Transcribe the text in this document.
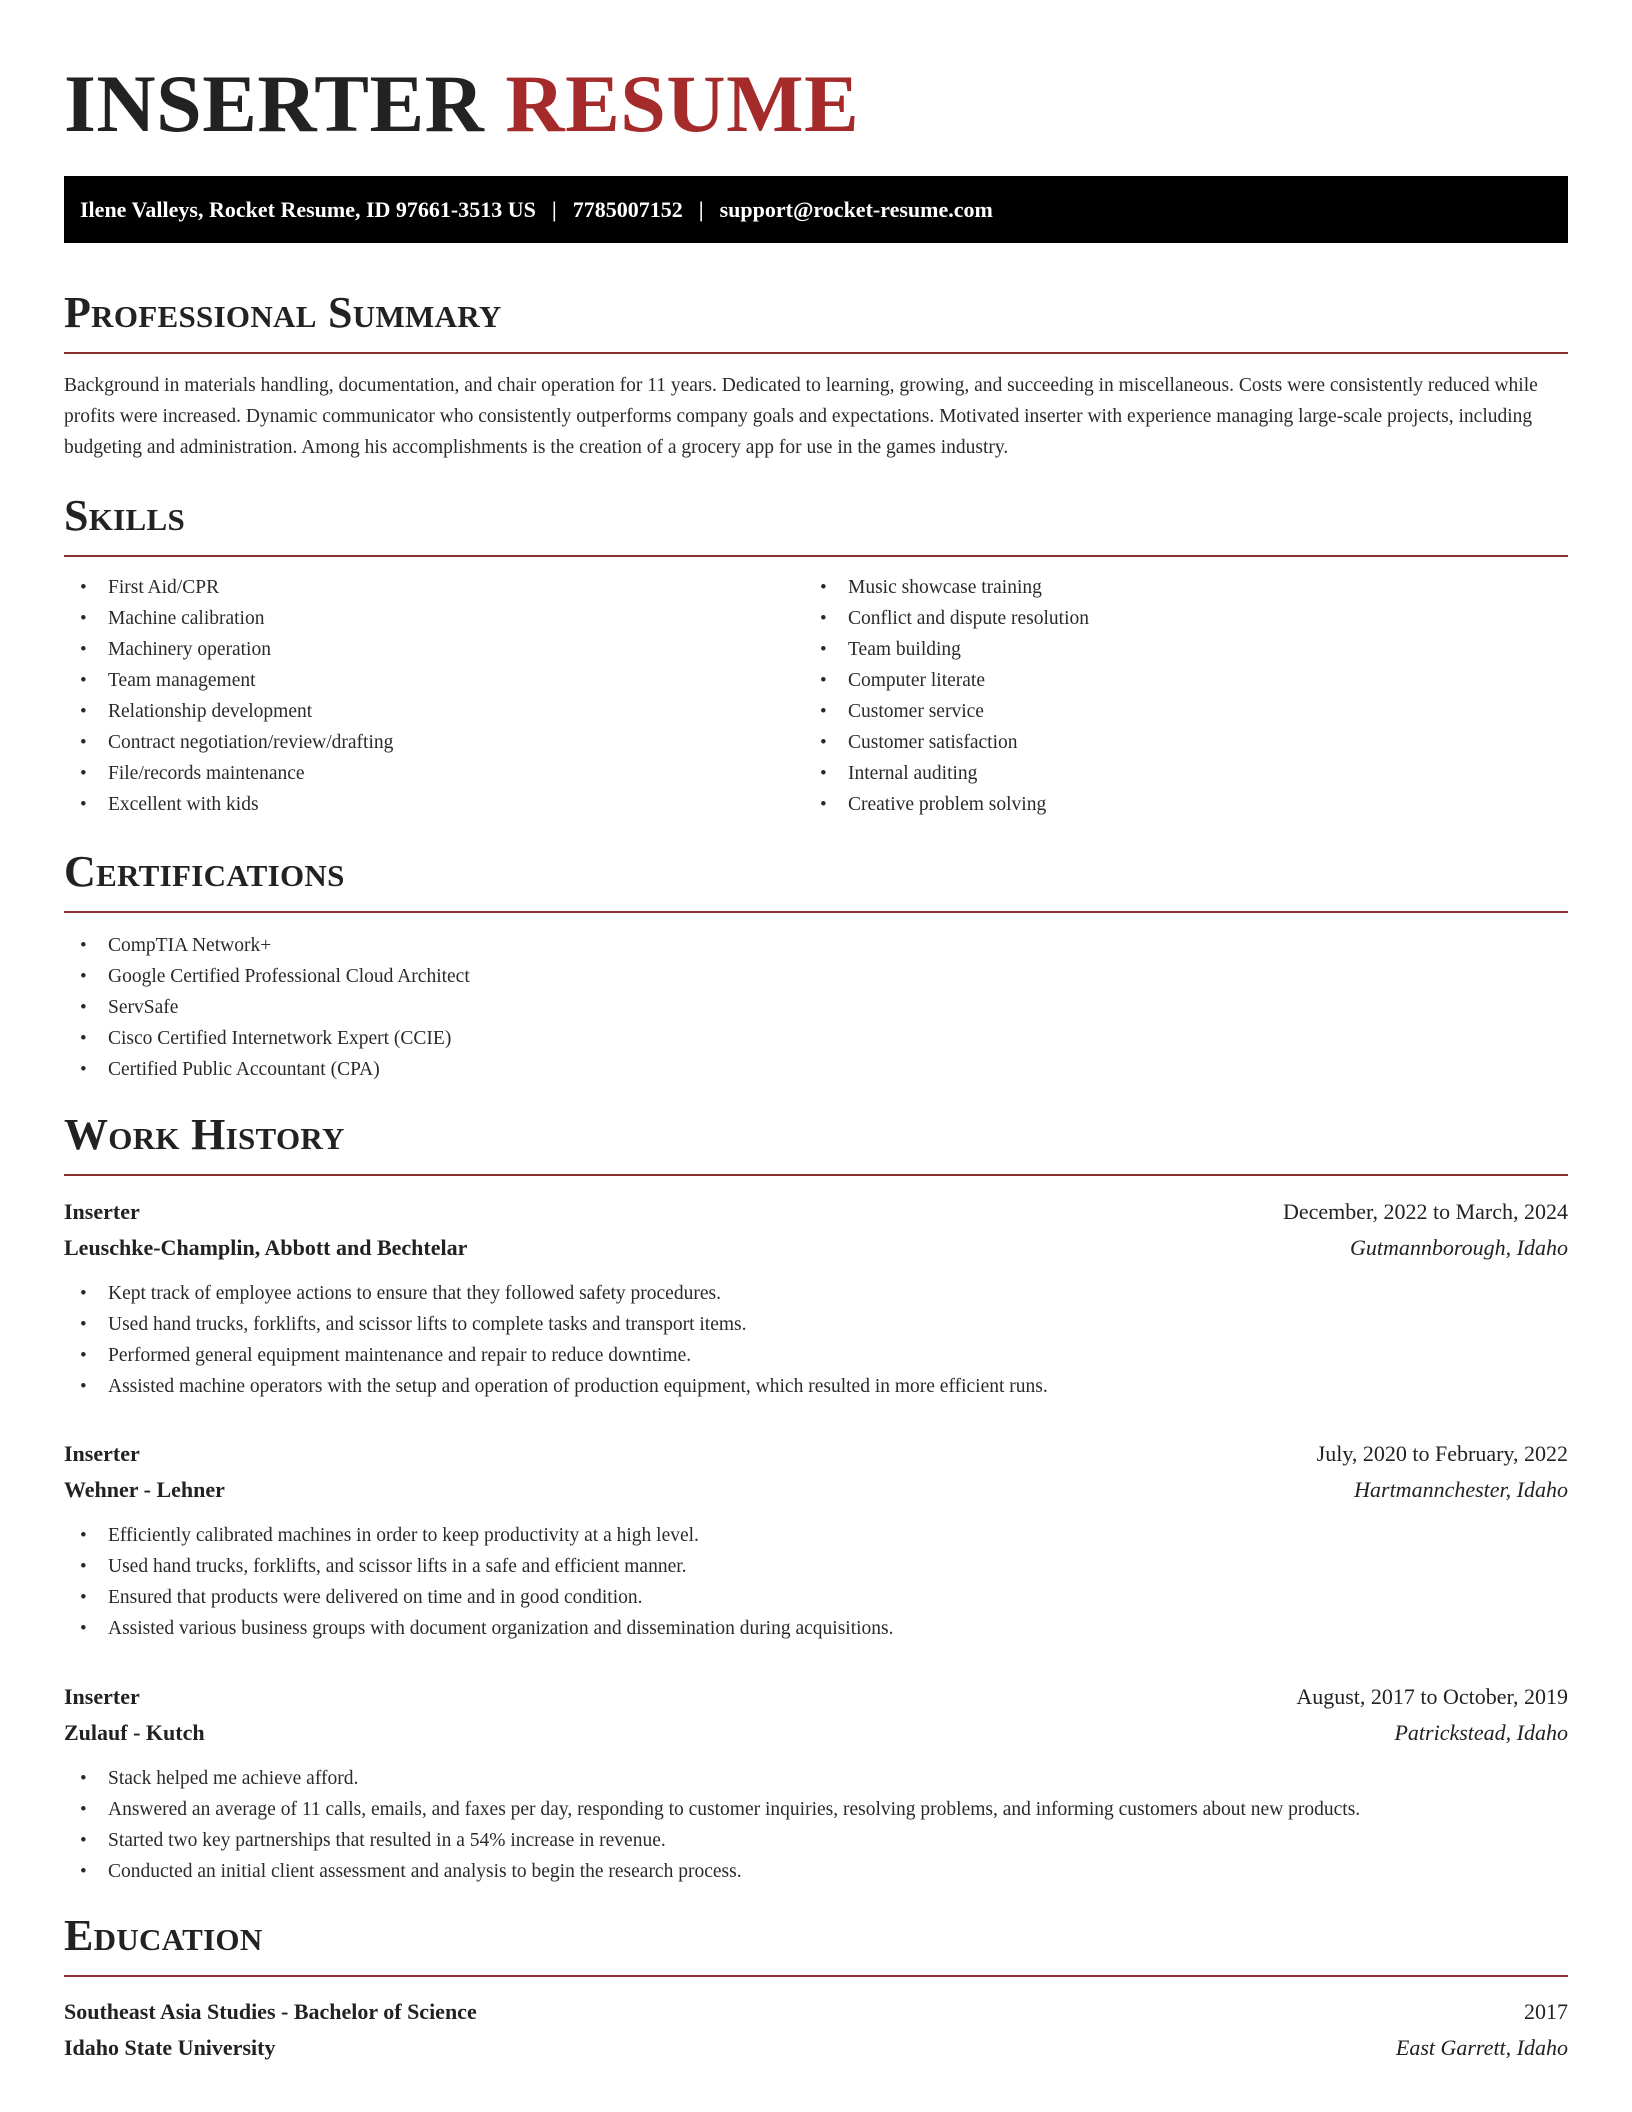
INSERTER RESUME
Ilene Valleys, Rocket Resume, ID 97661-3513 US | 7785007152 | support@rocket-resume.com
Professional Summary

Background in materials handling, documentation, and chair operation for 11 years. Dedicated to learning, growing, and succeeding in miscellaneous. Costs were consistently reduced while profits were increased. Dynamic communicator who consistently outperforms company goals and expectations. Motivated inserter with experience managing large-scale projects, including budgeting and administration. Among his accomplishments is the creation of a grocery app for use in the games industry.

Skills
• First Aid/CPR
• Machine calibration
• Machinery operation
• Team management
• Relationship development
• Contract negotiation/review/drafting
• File/records maintenance
• Excellent with kids
• Music showcase training
• Conflict and dispute resolution
• Team building
• Computer literate
• Customer service
• Customer satisfaction
• Internal auditing
• Creative problem solving
Certifications
• CompTIA Network+
• Google Certified Professional Cloud Architect
• ServSafe
• Cisco Certified Internetwork Expert (CCIE)
• Certified Public Accountant (CPA)
Work History
Inserter	December, 2022 to March, 2024
Leuschke-Champlin, Abbott and Bechtelar	Gutmannborough, Idaho
• Kept track of employee actions to ensure that they followed safety procedures.
• Used hand trucks, forklifts, and scissor lifts to complete tasks and transport items.
• Performed general equipment maintenance and repair to reduce downtime.
• Assisted machine operators with the setup and operation of production equipment, which resulted in more efficient runs.
Inserter	July, 2020 to February, 2022
Wehner - Lehner	Hartmannchester, Idaho
• Efficiently calibrated machines in order to keep productivity at a high level.
• Used hand trucks, forklifts, and scissor lifts in a safe and efficient manner.
• Ensured that products were delivered on time and in good condition.
• Assisted various business groups with document organization and dissemination during acquisitions.
Inserter	August, 2017 to October, 2019
Zulauf - Kutch	Patrickstead, Idaho
• Stack helped me achieve afford.
• Answered an average of 11 calls, emails, and faxes per day, responding to customer inquiries, resolving problems, and informing customers about new products.
• Started two key partnerships that resulted in a 54% increase in revenue.
• Conducted an initial client assessment and analysis to begin the research process.
Education
Southeast Asia Studies - Bachelor of Science	2017
Idaho State University	East Garrett, Idaho
